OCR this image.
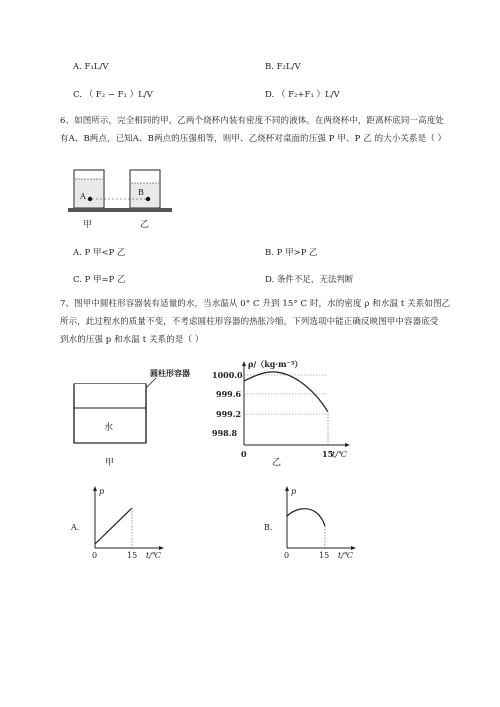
A. F₁L/V	B. F₂L/V
C. （ F₂ − F₁ ）L/V	D. （ F₂+F₁ ）L/V
6、如图所示，完全相同的甲，乙两个烧杯内装有密度不同的液体。在两烧杯中，距离杯底同一高度处
有A、B两点，已知A、B两点的压强相等，则甲、乙烧杯对桌面的压强 P 甲、P 乙 的大小关系是（ ）
A	B
甲	乙
A. P 甲<P 乙	B. P 甲>P 乙
C. P 甲=P 乙	D. 条件不足，无法判断
7、图甲中圆柱形容器装有适量的水，当水温从 0° C 升到 15° C 时，水的密度 ρ 和水温 t 关系如图乙
所示，此过程水的质量不变，不考虑圆柱形容器的热胀冷缩，下列选项中能正确反映图甲中容器底受
到水的压强 p 和水温 t 关系的是（ ）
圆柱形容器
水
甲
ρ/（kg·m⁻³）
t/℃
1000.0
999.6
999.2
998.8
0	15
乙
A.
p
0	15 t/℃
B.
p
0	15 t/℃
